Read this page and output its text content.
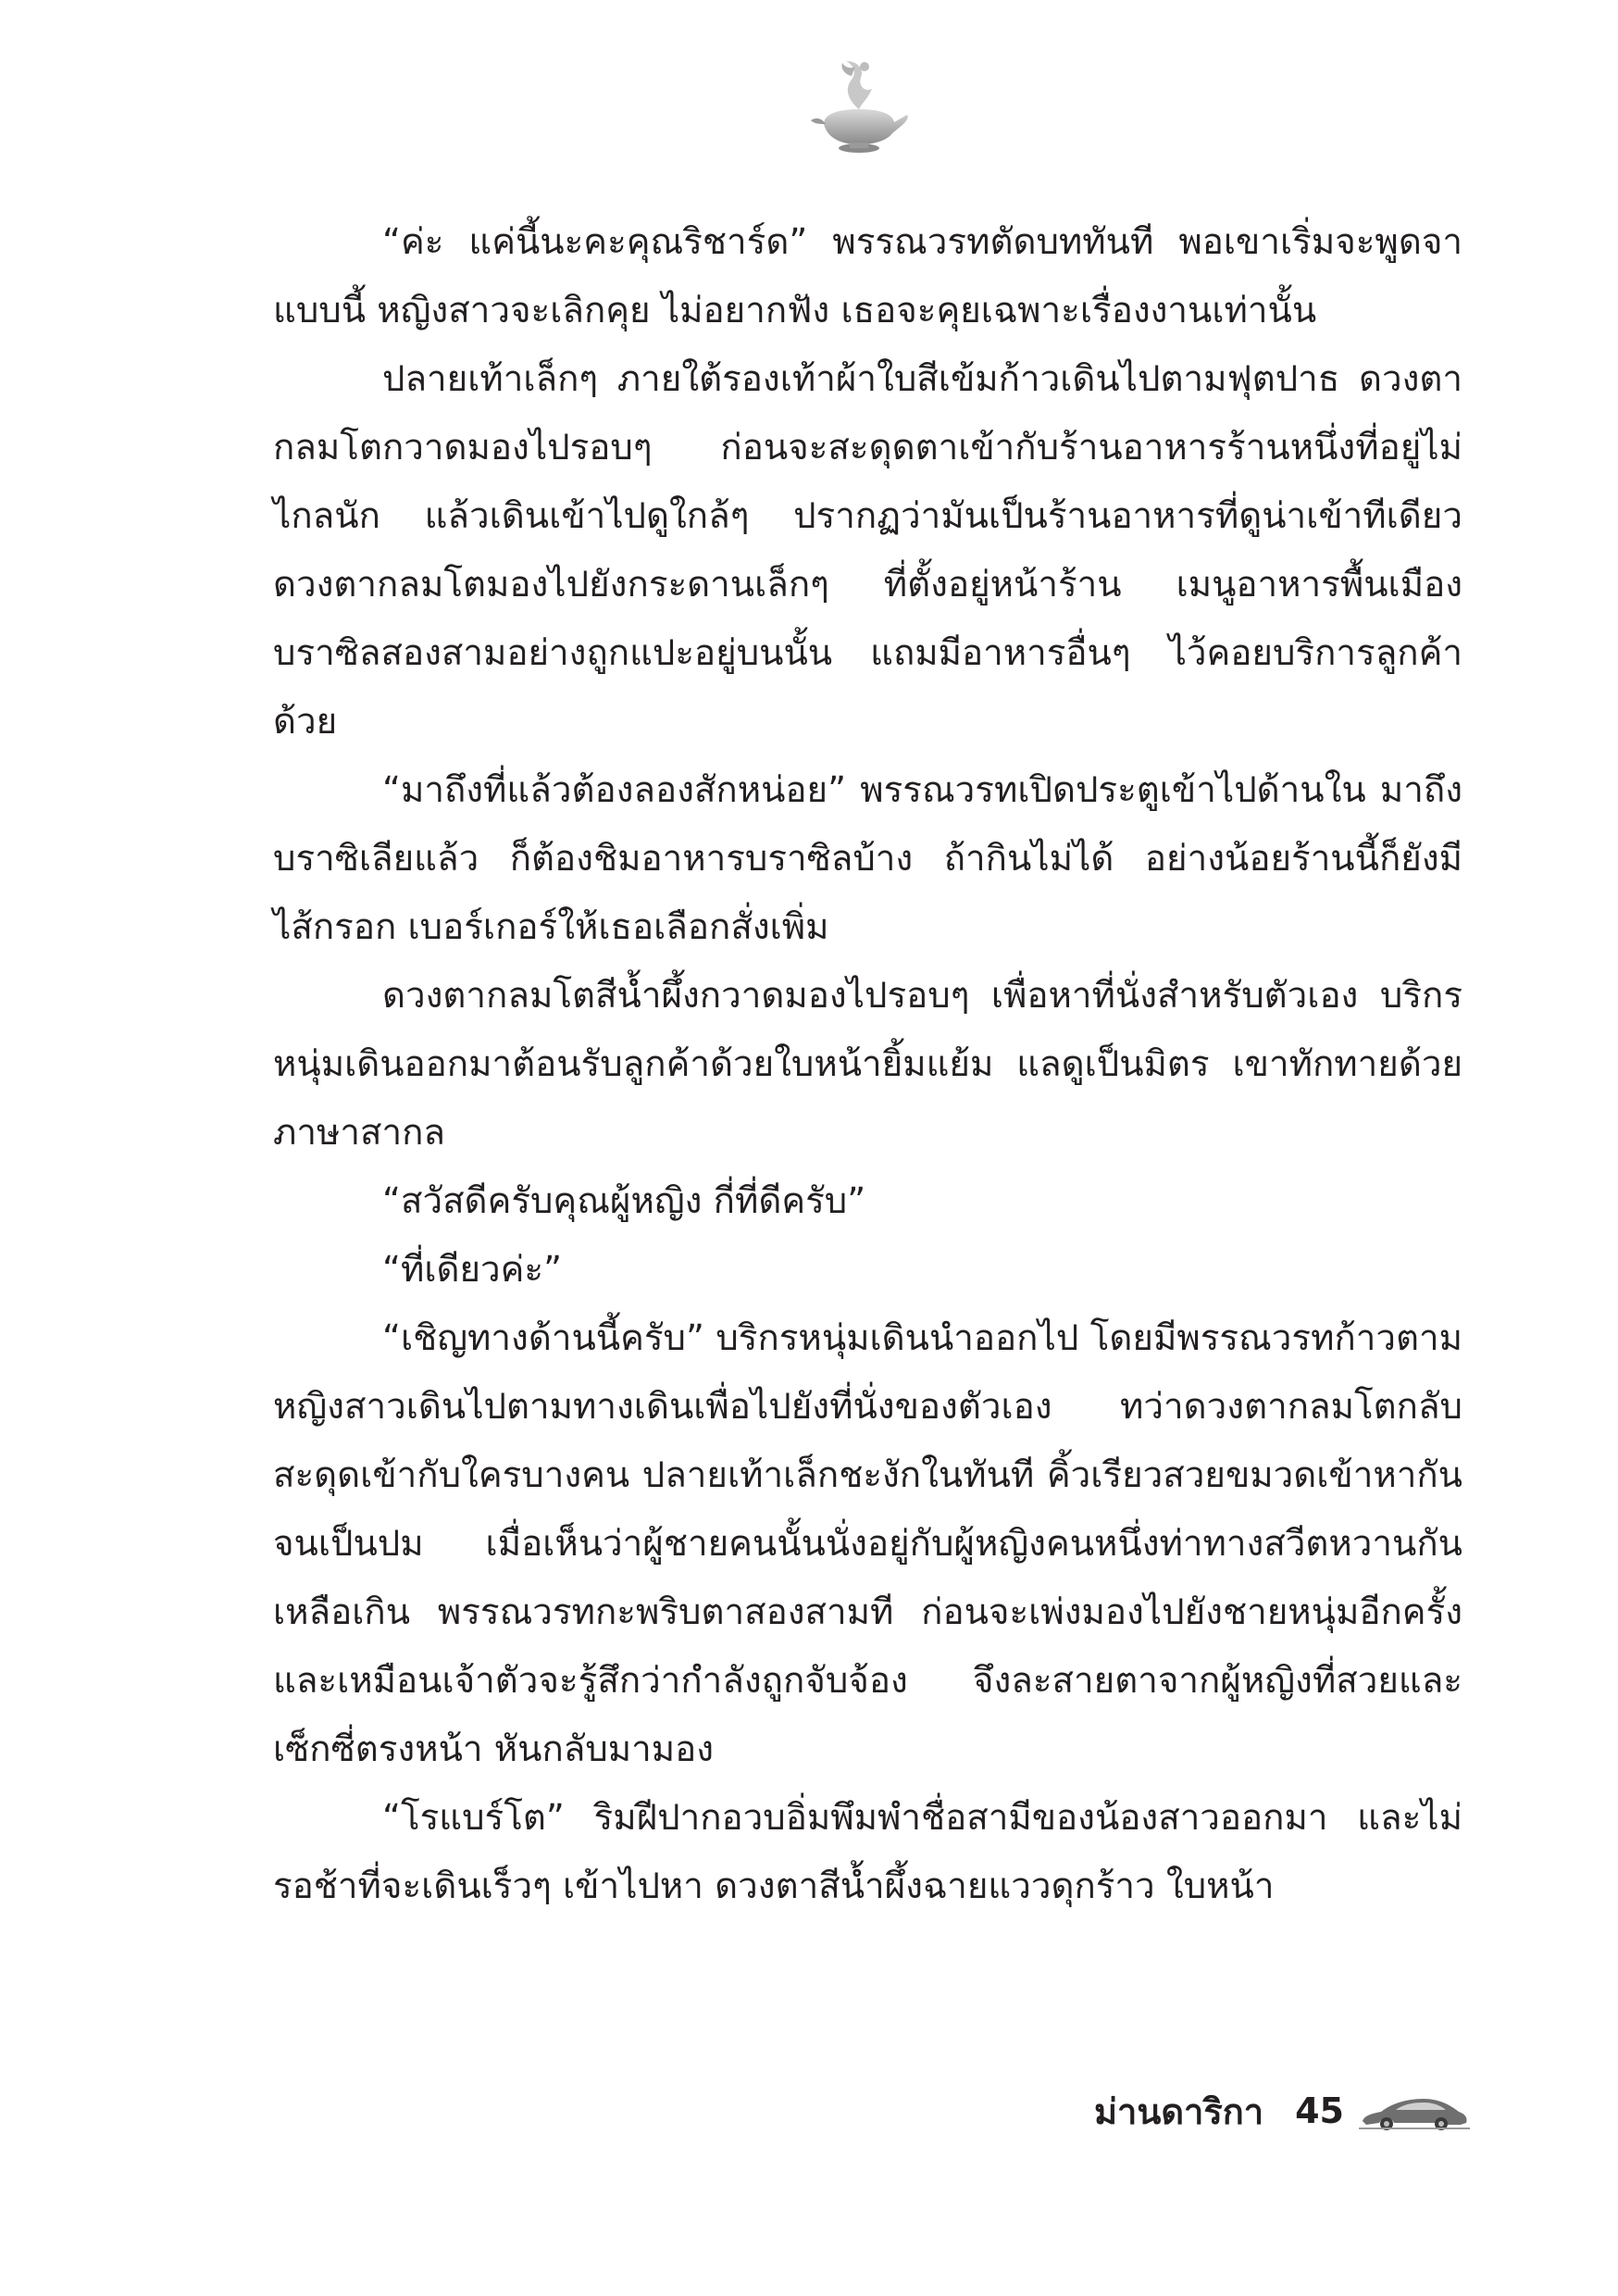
“ค่ะ แค่นี้นะคะคุณริชาร์ด” พรรณวรทตัดบททันที พอเขาเริ่มจะพูดจาแบบนี้ หญิงสาวจะเลิกคุย ไม่อยากฟัง เธอจะคุยเฉพาะเรื่องงานเท่านั้น

ปลายเท้าเล็กๆ ภายใต้รองเท้าผ้าใบสีเข้มก้าวเดินไปตามฟุตปาธ ดวงตากลมโตกวาดมองไปรอบๆ ก่อนจะสะดุดตาเข้ากับร้านอาหารร้านหนึ่งที่อยู่ไม่ไกลนัก แล้วเดินเข้าไปดูใกล้ๆ ปรากฏว่ามันเป็นร้านอาหารที่ดูน่าเข้าทีเดียว ดวงตากลมโตมองไปยังกระดานเล็กๆ ที่ตั้งอยู่หน้าร้าน เมนูอาหารพื้นเมืองบราซิลสองสามอย่างถูกแปะอยู่บนนั้น แถมมีอาหารอื่นๆ ไว้คอยบริการลูกค้าด้วย

“มาถึงที่แล้วต้องลองสักหน่อย” พรรณวรทเปิดประตูเข้าไปด้านใน มาถึงบราซิเลียแล้ว ก็ต้องชิมอาหารบราซิลบ้าง ถ้ากินไม่ได้ อย่างน้อยร้านนี้ก็ยังมีไส้กรอก เบอร์เกอร์ให้เธอเลือกสั่งเพิ่ม

ดวงตากลมโตสีน้ำผึ้งกวาดมองไปรอบๆ เพื่อหาที่นั่งสำหรับตัวเอง บริกรหนุ่มเดินออกมาต้อนรับลูกค้าด้วยใบหน้ายิ้มแย้ม แลดูเป็นมิตร เขาทักทายด้วยภาษาสากล

“สวัสดีครับคุณผู้หญิง กี่ที่ดีครับ”

“ที่เดียวค่ะ”

“เชิญทางด้านนี้ครับ” บริกรหนุ่มเดินนำออกไป โดยมีพรรณวรทก้าวตาม หญิงสาวเดินไปตามทางเดินเพื่อไปยังที่นั่งของตัวเอง ทว่าดวงตากลมโตกลับสะดุดเข้ากับใครบางคน ปลายเท้าเล็กชะงักในทันที คิ้วเรียวสวยขมวดเข้าหากันจนเป็นปม เมื่อเห็นว่าผู้ชายคนนั้นนั่งอยู่กับผู้หญิงคนหนึ่งท่าทางสวีตหวานกันเหลือเกิน พรรณวรทกะพริบตาสองสามที ก่อนจะเพ่งมองไปยังชายหนุ่มอีกครั้ง และเหมือนเจ้าตัวจะรู้สึกว่ากำลังถูกจับจ้อง จึงละสายตาจากผู้หญิงที่สวยและเซ็กซี่ตรงหน้า หันกลับมามอง

“โรแบร์โต” ริมฝีปากอวบอิ่มพึมพำชื่อสามีของน้องสาวออกมา และไม่รอช้าที่จะเดินเร็วๆ เข้าไปหา ดวงตาสีน้ำผึ้งฉายแววดุกร้าว ใบหน้า

ม่านดาริกา 45
